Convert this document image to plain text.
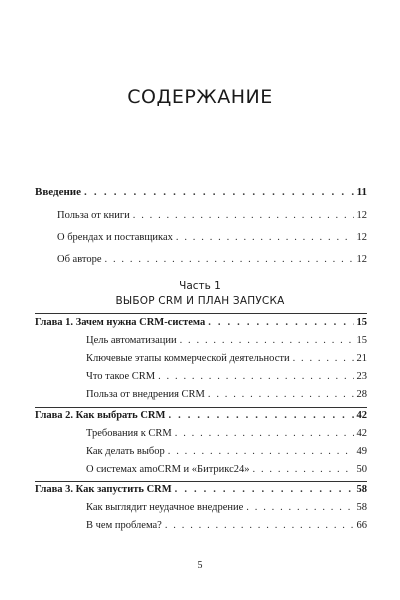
СОДЕРЖАНИЕ
Введение . . .	11
Польза от книги . . .	12
О брендах и поставщиках . . .	12
Об авторе . . .	12
Часть 1
ВЫБОР CRM И ПЛАН ЗАПУСКА
Глава 1. Зачем нужна CRM-система . . .	15
Цель автоматизации . . .	15
Ключевые этапы коммерческой деятельности . . .	21
Что такое CRM . . .	23
Польза от внедрения CRM . . .	28
Глава 2. Как выбрать CRM . . .	42
Требования к CRM . . .	42
Как делать выбор . . .	49
О системах amoCRM и «Битрикс24» . . .	50
Глава 3. Как запустить CRM . . .	58
Как выглядит неудачное внедрение . . .	58
В чем проблема? . . .	66
5
